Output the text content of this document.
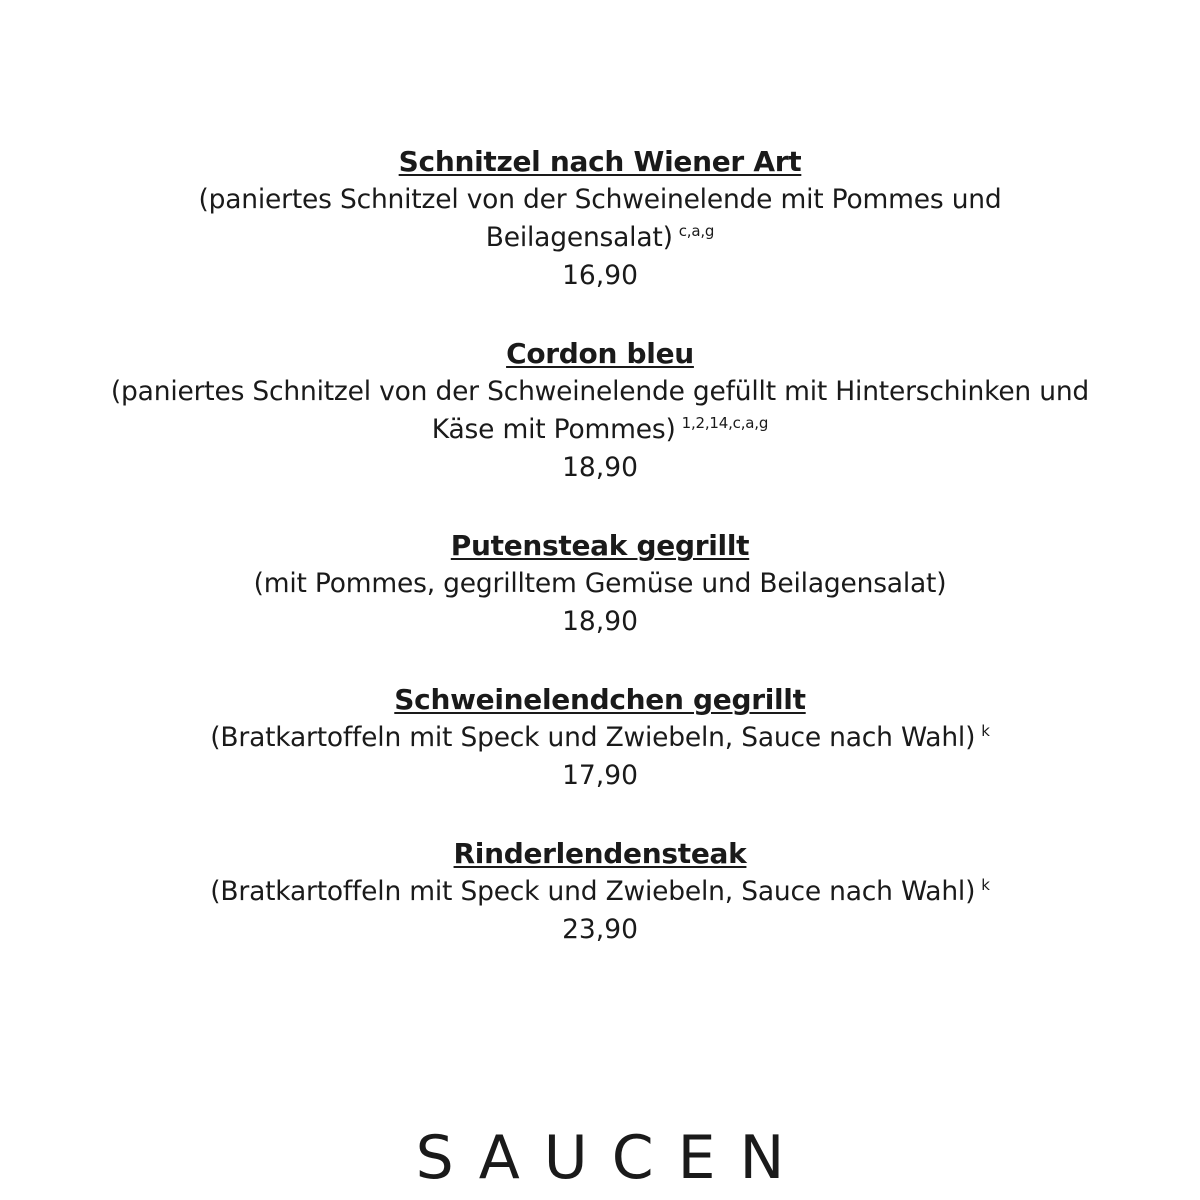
Schnitzel nach Wiener Art

(paniertes Schnitzel von der Schweinelende mit Pommes und Beilagensalat) $^{c,a,g}$

16,90

Cordon bleu

(paniertes Schnitzel von der Schweinelende gefüllt mit Hinterschinken und Käse mit Pommes) $^{1,2,14,c,a,g}$

18,90

Putensteak gegrillt

(mit Pommes, gegrilltem Gemüse und Beilagensalat)

18,90

Schweinelendchen gegrillt

(Bratkartoffeln mit Speck und Zwiebeln, Sauce nach Wahl) $^k$

17,90

Rinderlendensteak

(Bratkartoffeln mit Speck und Zwiebeln, Sauce nach Wahl) $^k$

23,90

SAUCEN
